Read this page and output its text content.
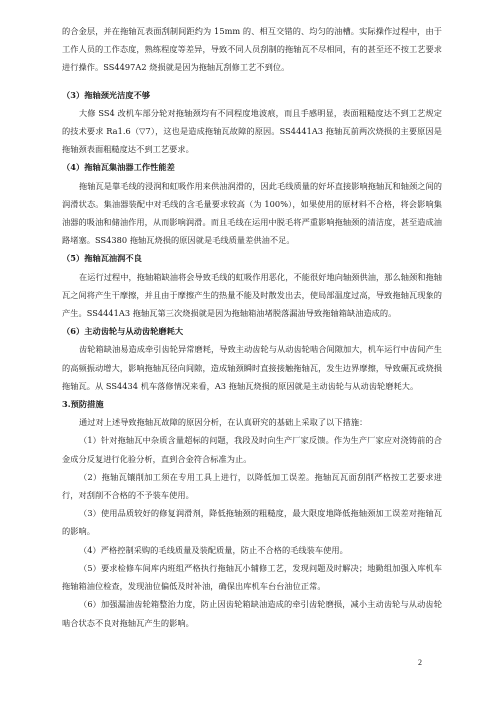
的合金层，并在拖轴瓦表面刮制间距约为 15mm 的、相互交错的、均匀的油槽。实际操作过程中，由于工作人员的工作态度，熟练程度等差异，导致不同人员刮制的拖轴瓦不尽相同，有的甚至还不按工艺要求进行操作。SS4497A2 烧损就是因为拖轴瓦刮修工艺不到位。

（3）拖轴颈光洁度不够

大修 SS4 改机车部分轮对拖轴颈均有不同程度地波痕，而且手感明显，表面粗糙度达不到工艺规定的技术要求 Ra1.6（▽7），这也是造成拖轴瓦故障的原因。SS4441A3 拖轴瓦前两次烧损的主要原因是拖轴颈表面粗糙度达不到工艺要求。

（4）拖轴瓦集油器工作性能差

拖轴瓦是靠毛线的浸润和虹吸作用来供油润滑的，因此毛线质量的好坏直接影响拖轴瓦和轴颈之间的润滑状态。集油器装配中对毛线的含毛量要求较高（为 100%），如果使用的原材料不合格，将会影响集油器的吸油和储油作用，从而影响润滑。而且毛线在运用中脱毛将严重影响拖轴颈的清洁度，甚至造成油路堵塞。SS4380 拖轴瓦烧损的原因就是毛线质量差供油不足。

（5）拖轴瓦油润不良

在运行过程中，拖轴箱缺油将会导致毛线的虹吸作用恶化，不能很好地向轴颈供油，那么轴颈和拖轴瓦之间将产生干摩擦，并且由于摩擦产生的热量不能及时散发出去，使局部温度过高，导致拖轴瓦现象的产生。SS4441A3 拖轴瓦第三次烧损就是因为拖轴箱油堵脱落漏油导致拖轴箱缺油造成的。

（6）主动齿轮与从动齿轮磨耗大

齿轮箱缺油易造成牵引齿轮异常磨耗，导致主动齿轮与从动齿轮啮合间隙加大，机车运行中齿间产生的高频振动增大，影响拖轴瓦径向间隙，造成轴颈瞬时直接接触拖轴瓦，发生边界摩擦，导致碾瓦或烧损拖轴瓦。从 SS4434 机车落修情况来看，A3 拖轴瓦烧损的原因就是主动齿轮与从动齿轮磨耗大。

3.预防措施

通过对上述导致拖轴瓦故障的原因分析，在认真研究的基础上采取了以下措施：

（1）针对拖轴瓦中杂质含量超标的问题，我段及时向生产厂家反馈。作为生产厂家应对浇铸前的合金成分反复进行化验分析，直到合金符合标准为止。

（2）拖轴瓦镶削加工须在专用工具上进行，以降低加工误差。拖轴瓦瓦面刮削严格按工艺要求进行，对刮削不合格的不予装车使用。

（3）使用品质较好的修复润滑剂，降低拖轴颈的粗糙度，最大限度地降低拖轴颈加工误差对拖轴瓦的影响。

（4）严格控制采购的毛线质量及装配质量，防止不合格的毛线装车使用。

（5）要求检修车间库内班组严格执行拖轴瓦小辅修工艺，发现问题及时解决；地勤组加强入库机车拖轴箱油位检查，发现油位偏低及时补油，确保出库机车台台油位正常。

（6）加强漏油齿轮箱整治力度，防止因齿轮箱缺油造成的牵引齿轮磨损，减小主动齿轮与从动齿轮啮合状态不良对拖轴瓦产生的影响。

2
